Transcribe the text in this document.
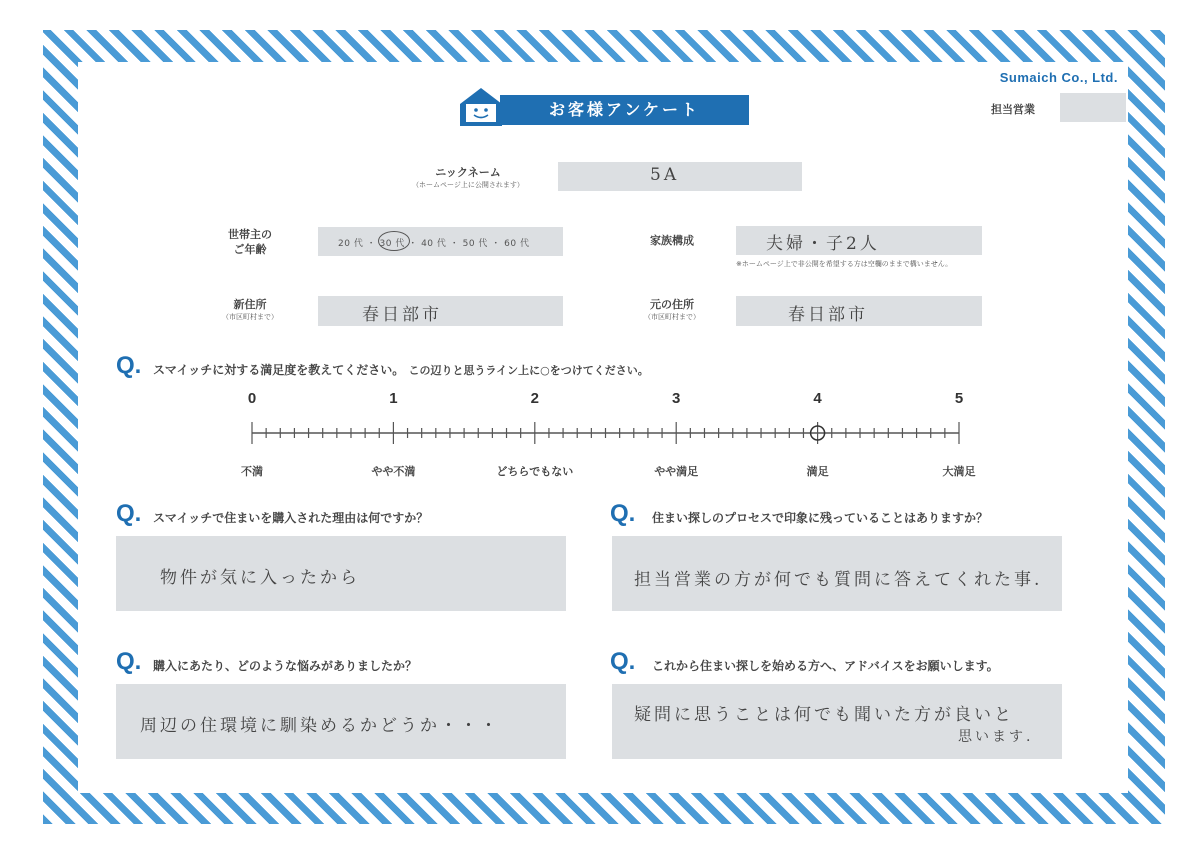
Sumaich Co., Ltd.
担当営業
お客様アンケート
ニックネーム
（ホームページ上に公開されます）	5A
世帯主の
ご年齢	20 代 ・ 30 代 ・ 40 代 ・ 50 代 ・ 60 代	家族構成	夫婦・子2人
※ホームページ上で非公開を希望する方は空欄のままで構いません。
新住所
（市区町村まで）	春日部市
元の住所
（市区町村まで）	春日部市
Q. スマイッチに対する満足度を教えてください。 この辺りと思うライン上に○をつけてください。
0	1	2	3	4	5
不満	やや不満	どちらでもない	やや満足	満足	大満足
Q. スマイッチで住まいを購入された理由は何ですか？
物件が気に入ったから
Q. 住まい探しのプロセスで印象に残っていることはありますか？
担当営業の方が何でも質問に答えてくれた事.
Q. 購入にあたり、どのような悩みがありましたか？
周辺の住環境に馴染めるかどうか・・・
Q. これから住まい探しを始める方へ、アドバイスをお願いします。
疑問に思うことは何でも聞いた方が良いと
思います.
